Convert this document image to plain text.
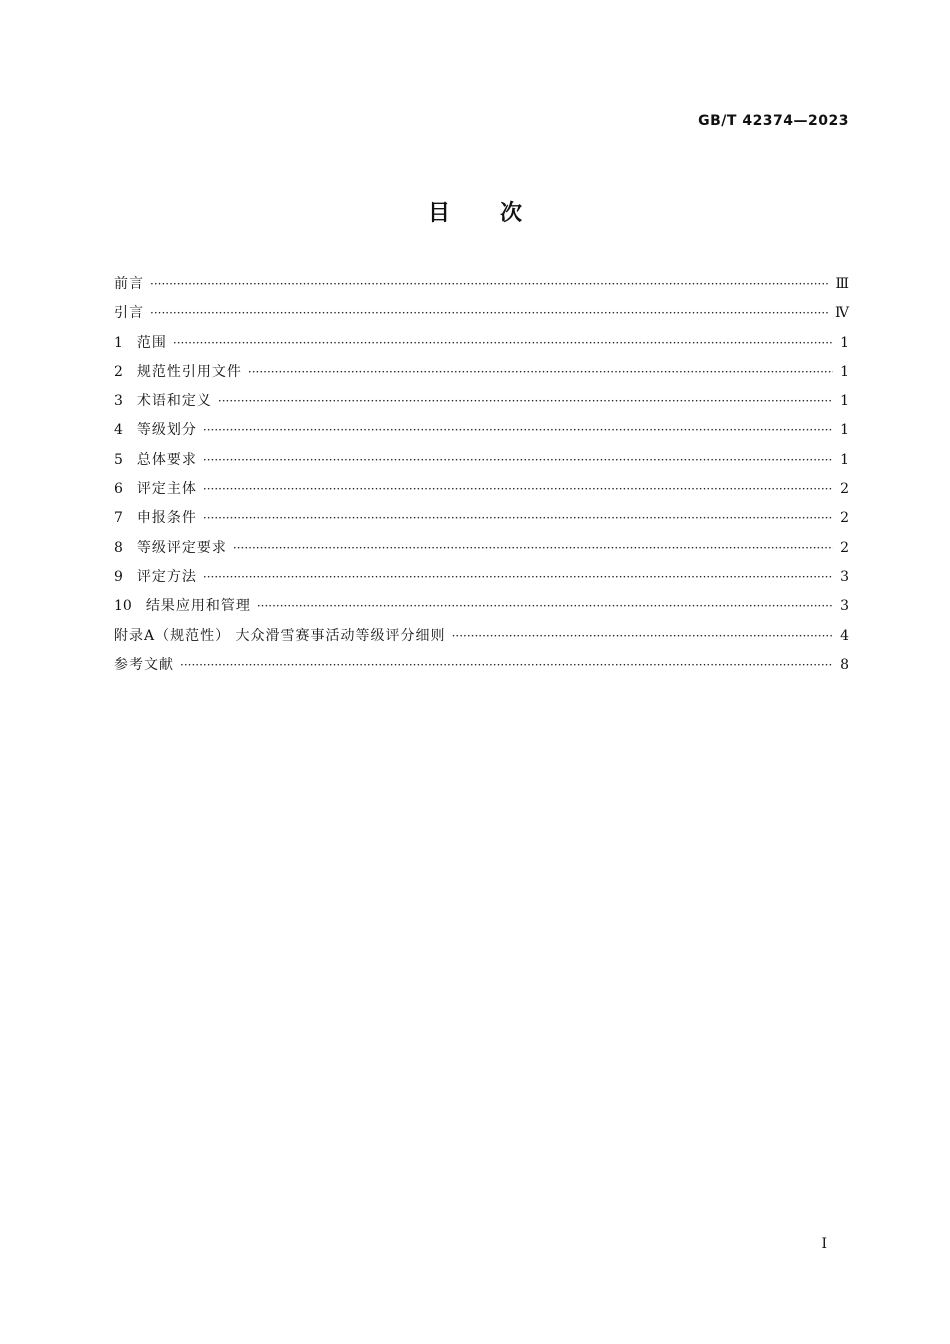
GB/T 42374—2023
目次
前言 ·····	Ⅲ
引言 ·····	Ⅳ
1	范围 ·····	1
2	规范性引用文件 ·····	1
3	术语和定义 ·····	1
4	等级划分 ·····	1
5	总体要求 ·····	1
6	评定主体 ·····	2
7	申报条件 ·····	2
8	等级评定要求 ·····	2
9	评定方法 ·····	3
10	结果应用和管理 ·····	3
附录A（规范性） 大众滑雪赛事活动等级评分细则 ·····	4
参考文献 ·····	8
Ⅰ
